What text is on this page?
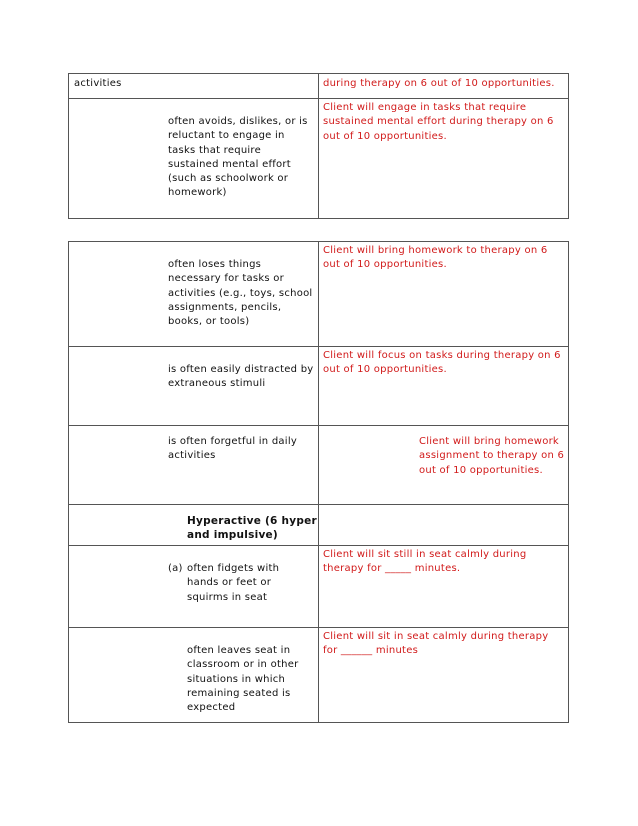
activities	during therapy on 6 out of 10 opportunities.
often avoids, dislikes, or is reluctant to engage in tasks that require sustained mental effort (such as schoolwork or homework)
Client will engage in tasks that require sustained mental effort during therapy on 6 out of 10 opportunities.
often loses things necessary for tasks or activities (e.g., toys, school assignments, pencils, books, or tools)
Client will bring homework to therapy on 6 out of 10 opportunities.
is often easily distracted by extraneous stimuli
Client will focus on tasks during therapy on 6 out of 10 opportunities.
is often forgetful in daily activities
Client will bring homework assignment to therapy on 6 out of 10 opportunities.
Hyperactive (6 hyper and impulsive)
(a) often fidgets with hands or feet or squirms in seat
Client will sit still in seat calmly during therapy for _____ minutes.
often leaves seat in classroom or in other situations in which remaining seated is expected
Client will sit in seat calmly during therapy for ______ minutes
